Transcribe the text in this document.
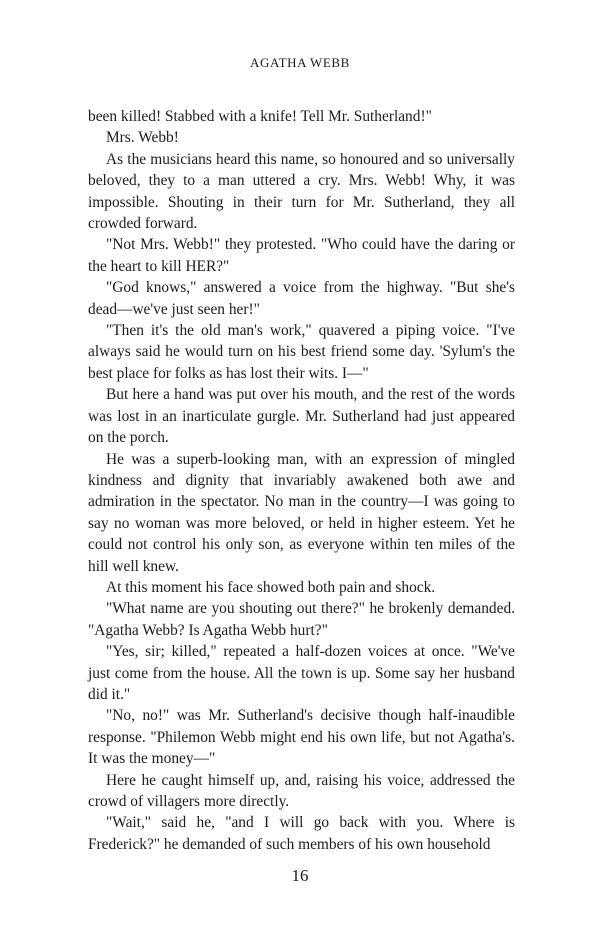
AGATHA WEBB

been killed! Stabbed with a knife! Tell Mr. Sutherland!"

Mrs. Webb!

As the musicians heard this name, so honoured and so universally beloved, they to a man uttered a cry. Mrs. Webb! Why, it was impossible. Shouting in their turn for Mr. Sutherland, they all crowded forward.

"Not Mrs. Webb!" they protested. "Who could have the daring or the heart to kill HER?"

"God knows," answered a voice from the highway. "But she's dead—we've just seen her!"

"Then it's the old man's work," quavered a piping voice. "I've always said he would turn on his best friend some day. 'Sylum's the best place for folks as has lost their wits. I—"

But here a hand was put over his mouth, and the rest of the words was lost in an inarticulate gurgle. Mr. Sutherland had just appeared on the porch.

He was a superb-looking man, with an expression of mingled kindness and dignity that invariably awakened both awe and admiration in the spectator. No man in the country—I was going to say no woman was more beloved, or held in higher esteem. Yet he could not control his only son, as everyone within ten miles of the hill well knew.

At this moment his face showed both pain and shock.

"What name are you shouting out there?" he brokenly demanded. "Agatha Webb? Is Agatha Webb hurt?"

"Yes, sir; killed," repeated a half-dozen voices at once. "We've just come from the house. All the town is up. Some say her husband did it."

"No, no!" was Mr. Sutherland's decisive though half-inaudible response. "Philemon Webb might end his own life, but not Agatha's. It was the money—"

Here he caught himself up, and, raising his voice, addressed the crowd of villagers more directly.

"Wait," said he, "and I will go back with you. Where is Frederick?" he demanded of such members of his own household

16
